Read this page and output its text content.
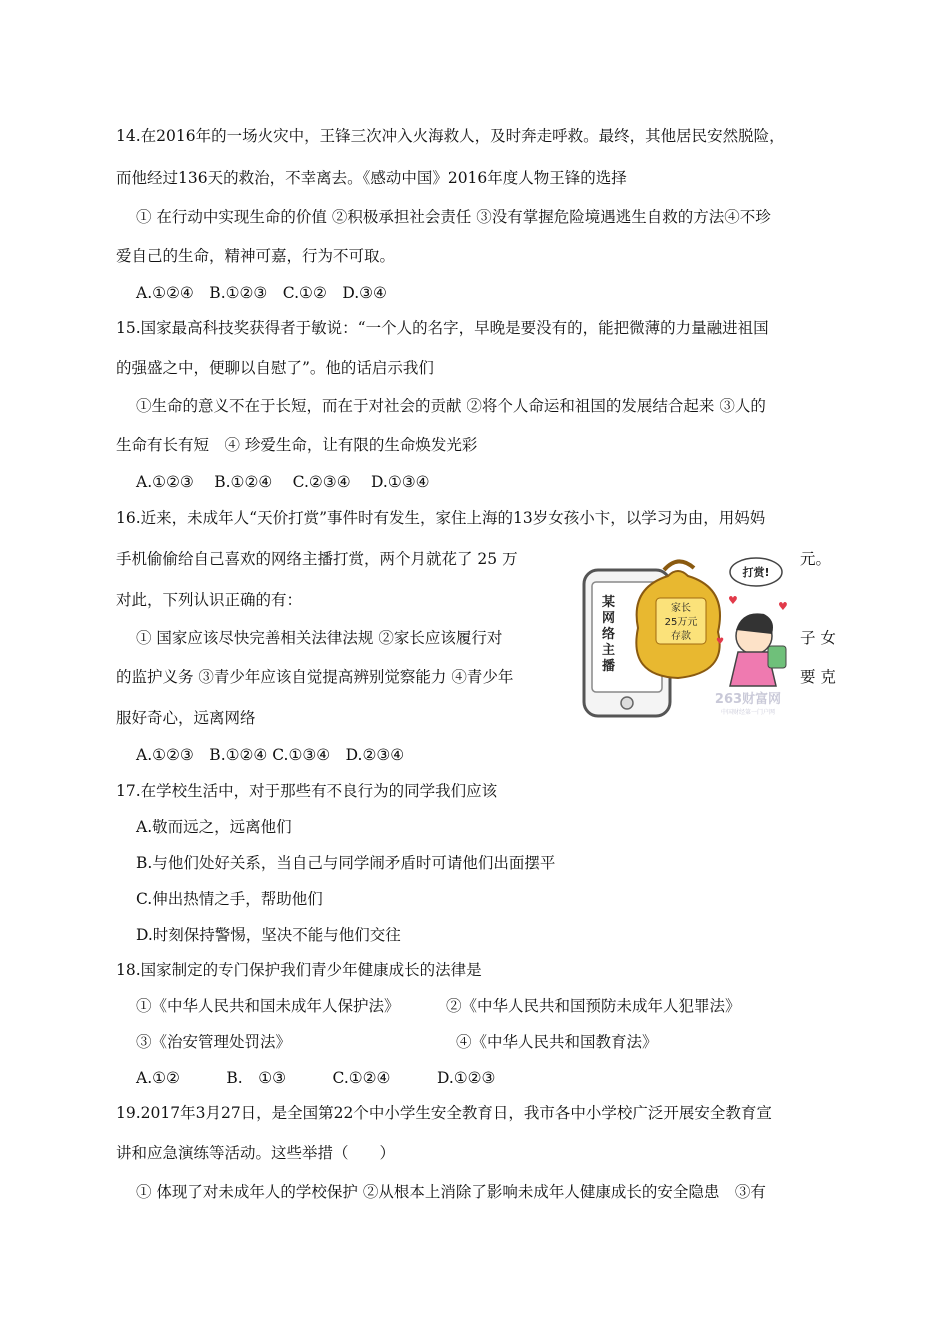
14.在2016年的一场火灾中，王锋三次冲入火海救人，及时奔走呼救。最终，其他居民安然脱险，
而他经过136天的救治，不幸离去。《感动中国》2016年度人物王锋的选择
① 在行动中实现生命的价值 ②积极承担社会责任 ③没有掌握危险境遇逃生自救的方法④不珍
爱自己的生命，精神可嘉，行为不可取。
A.①②④　B.①②③　C.①②　D.③④
15.国家最高科技奖获得者于敏说：“一个人的名字，早晚是要没有的，能把微薄的力量融进祖国
的强盛之中，便聊以自慰了”。他的话启示我们
①生命的意义不在于长短，而在于对社会的贡献 ②将个人命运和祖国的发展结合起来 ③人的
生命有长有短　④ 珍爱生命，让有限的生命焕发光彩
A.①②③　 B.①②④　 C.②③④　 D.①③④
16.近来，未成年人“天价打赏”事件时有发生，家住上海的13岁女孩小卞，以学习为由，用妈妈
手机偷偷给自己喜欢的网络主播打赏，两个月就花了 25 万	元。
对此，下列认识正确的有：
① 国家应该尽快完善相关法律法规 ②家长应该履行对	子 女
的监护义务 ③青少年应该自觉提高辨别觉察能力 ④青少年	要 克
服好奇心，远离网络
A.①②③　B.①②④ C.①③④　D.②③④
某网络主播
家长
25万元
存款
打赏!
♥	♥
♥
263财富网
中国财经第一门户网
17.在学校生活中，对于那些有不良行为的同学我们应该
A.敬而远之，远离他们
B.与他们处好关系，当自己与同学闹矛盾时可请他们出面摆平
C.伸出热情之手，帮助他们
D.时刻保持警惕，坚决不能与他们交往
18.国家制定的专门保护我们青少年健康成长的法律是
①《中华人民共和国未成年人保护法》	②《中华人民共和国预防未成年人犯罪法》
③《治安管理处罚法》	④《中华人民共和国教育法》
A.①②　　　B.　①③　　　C.①②④　　　D.①②③
19.2017年3月27日，是全国第22个中小学生安全教育日，我市各中小学校广泛开展安全教育宣
讲和应急演练等活动。这些举措（　　）
① 体现了对未成年人的学校保护 ②从根本上消除了影响未成年人健康成长的安全隐患　③有
